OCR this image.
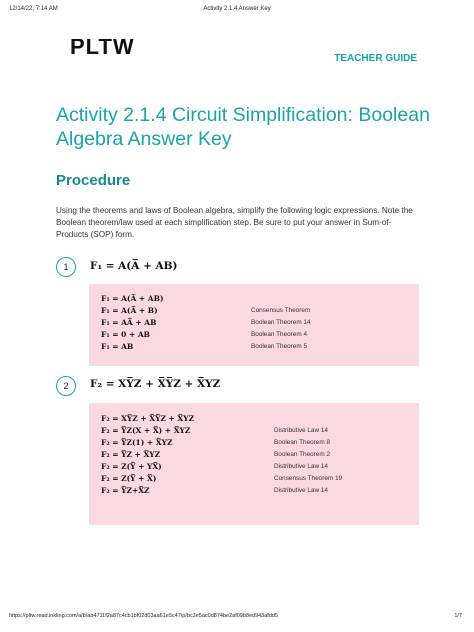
12/14/22, 7:14 AM	Activity 2.1.4 Answer Key
PLTW	TEACHER GUIDE
Activity 2.1.4 Circuit Simplification: Boolean Algebra Answer Key
Procedure
Using the theorems and laws of Boolean algebra, simplify the following logic expressions. Note the Boolean theorem/law used at each simplification step. Be sure to put your answer in Sum-of-Products (SOP) form.
1	F₁ = A(A̅ + AB)
F₁ = A(A̅ + AB)
F₁ = A(A̅ + B)	Consensus Theorem
F₁ = AA̅ + AB	Boolean Theorem 14
F₁ = 0 + AB	Boolean Theorem 4
F₁ = AB	Boolean Theorem 5
2	F₂ = XY̅Z + X̅Y̅Z + X̅YZ
F₂ = XY̅Z + X̅Y̅Z + X̅YZ
F₂ = Y̅Z(X + X̅) + X̅YZ	Distributive Law 14
F₂ = Y̅Z(1) + X̅YZ	Boolean Theorem 8
F₂ = Y̅Z + X̅YZ	Boolean Theorem 2
F₂ = Z(Y̅ + YX̅)	Distributive Law 14
F₂ = Z(Y̅ + X̅)	Consensus Theorem 19
F₂ = Y̅Z+X̅Z	Distributive Law 14
https://pltw.read.inkling.com/a/b/ab4711f2a87c4cb1bf02d03aa61e5c47/p/bc3e5ac0d874be2af09b8ed943afdd5	1/7
